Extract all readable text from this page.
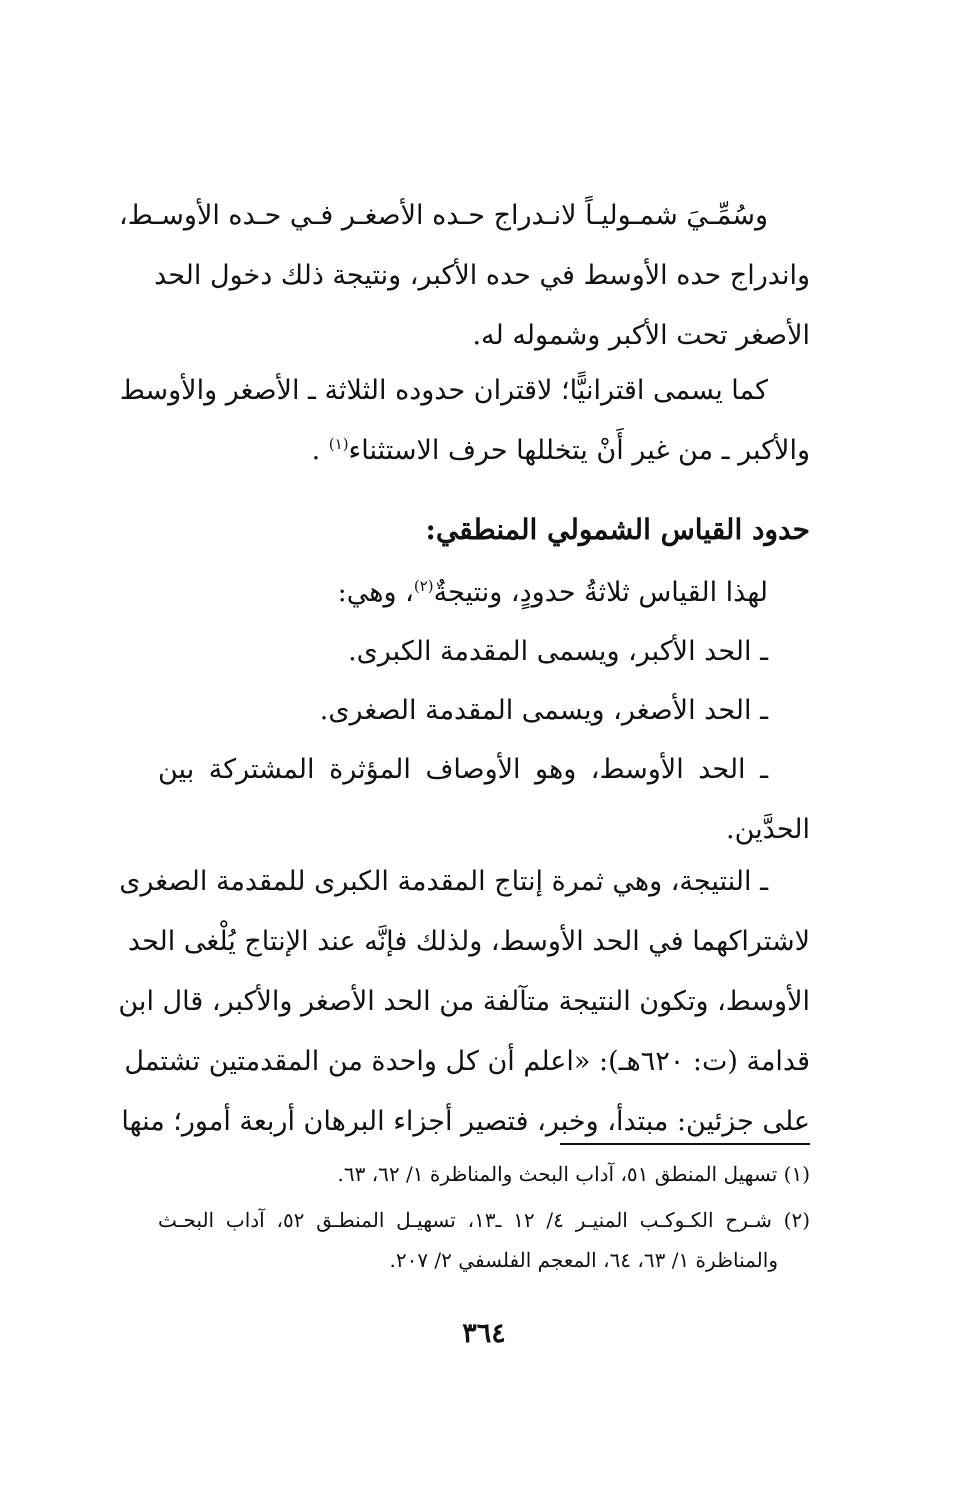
وسُمِّـيَ شمـوليـاً لانـدراج حـده الأصغـر فـي حـده الأوسـط،
واندراج حده الأوسط في حده الأكبر، ونتيجة ذلك دخول الحد
الأصغر تحت الأكبر وشموله له.
كما يسمى اقترانيًّا؛ لاقتران حدوده الثلاثة ـ الأصغر والأوسط
والأكبر ـ من غير أَنْ يتخللها حرف الاستثناء$^{(١)}$ .
حدود القياس الشمولي المنطقي:
لهذا القياس ثلاثةُ حدودٍ، ونتيجةٌ$^{(٢)}$، وهي:
ـ الحد الأكبر، ويسمى المقدمة الكبرى.
ـ الحد الأصغر، ويسمى المقدمة الصغرى.
ـ الحد الأوسط، وهو الأوصاف المؤثرة المشتركة بين
الحدَّين.
ـ النتيجة، وهي ثمرة إنتاج المقدمة الكبرى للمقدمة الصغرى
لاشتراكهما في الحد الأوسط، ولذلك فإنَّه عند الإنتاج يُلْغى الحد
الأوسط، وتكون النتيجة متآلفة من الحد الأصغر والأكبر، قال ابن
قدامة (ت: ٦٢٠هـ): «اعلم أن كل واحدة من المقدمتين تشتمل
على جزئين: مبتدأ، وخبر، فتصير أجزاء البرهان أربعة أمور؛ منها
(١) تسهيل المنطق ٥١، آداب البحث والمناظرة ١/ ٦٢، ٦٣.
(٢) شـرح الكـوكـب المنيـر ٤/ ١٢ ـ١٣، تسهيـل المنطـق ٥٢، آداب البحـث
والمناظرة ١/ ٦٣، ٦٤، المعجم الفلسفي ٢/ ٢٠٧.
٣٦٤
